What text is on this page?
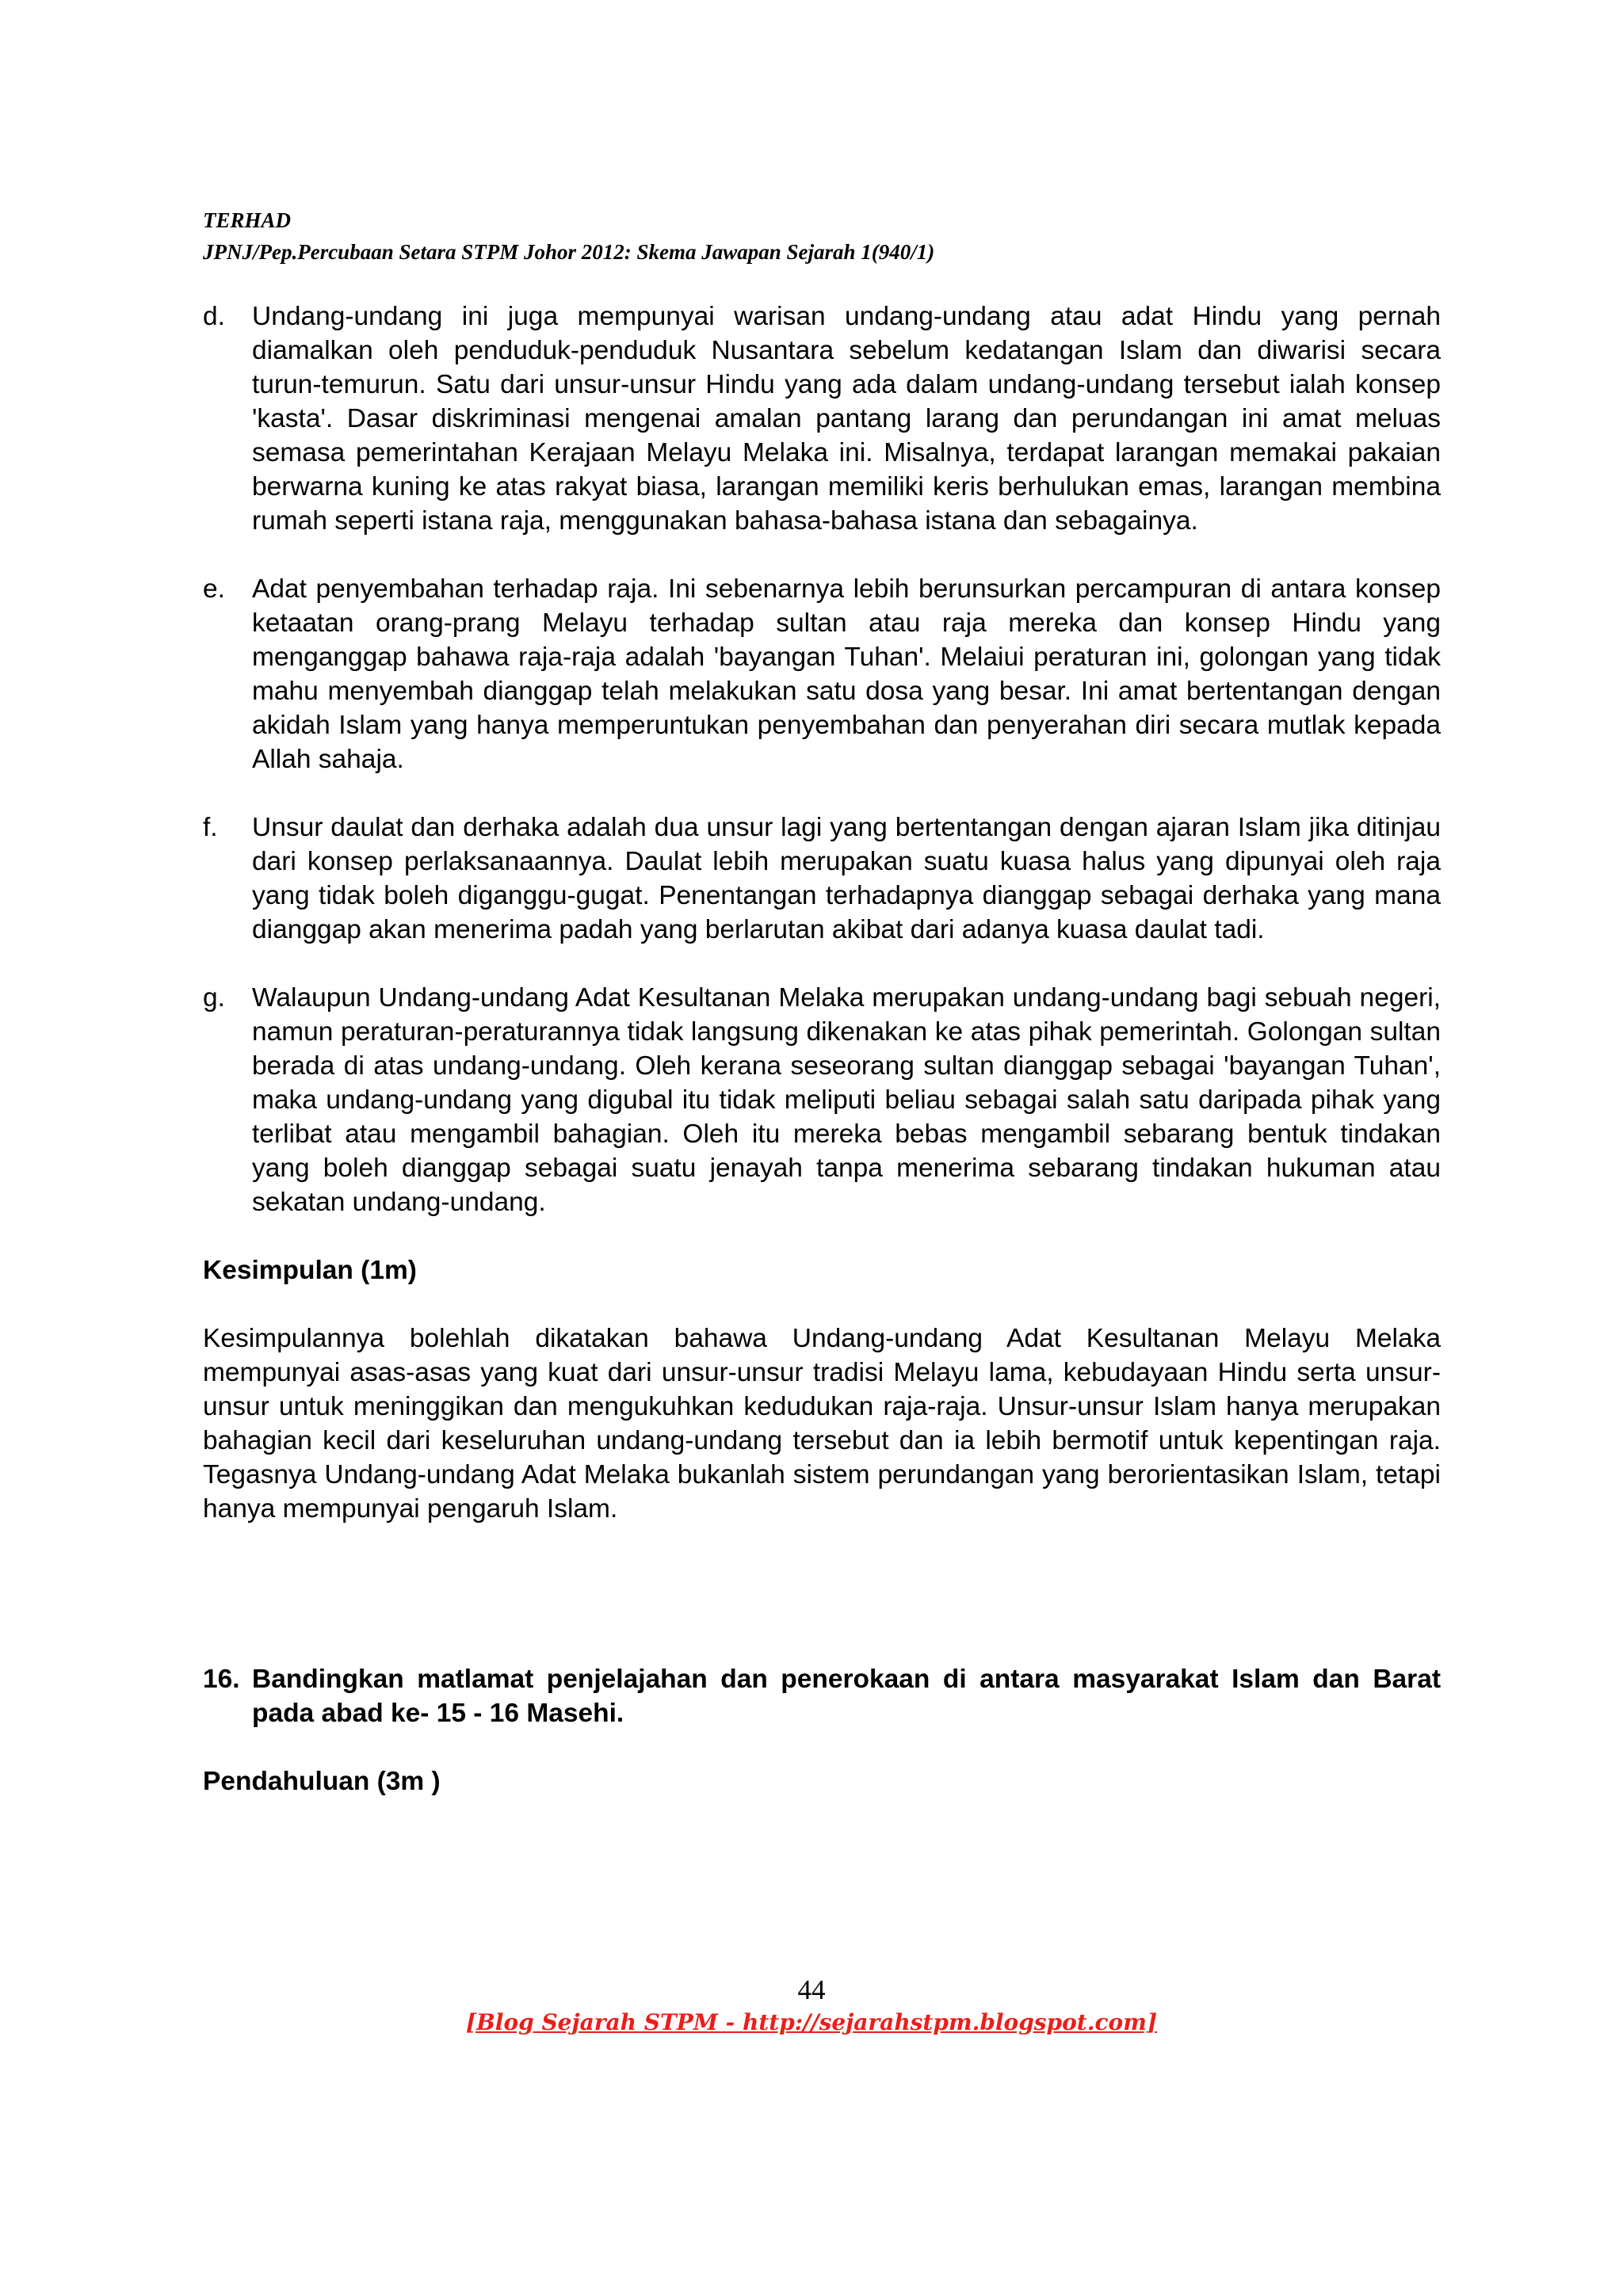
TERHAD
JPNJ/Pep.Percubaan Setara STPM Johor 2012: Skema Jawapan Sejarah 1(940/1)

d. Undang-undang ini juga mempunyai warisan undang-undang atau adat Hindu yang pernah diamalkan oleh penduduk-penduduk Nusantara sebelum kedatangan Islam dan diwarisi secara turun-temurun. Satu dari unsur-unsur Hindu yang ada dalam undang-undang tersebut ialah konsep 'kasta'. Dasar diskriminasi mengenai amalan pantang larang dan perundangan ini amat meluas semasa pemerintahan Kerajaan Melayu Melaka ini. Misalnya, terdapat larangan memakai pakaian berwarna kuning ke atas rakyat biasa, larangan memiliki keris berhulukan emas, larangan membina rumah seperti istana raja, menggunakan bahasa-bahasa istana dan sebagainya.

e. Adat penyembahan terhadap raja. Ini sebenarnya lebih berunsurkan percampuran di antara konsep ketaatan orang-prang Melayu terhadap sultan atau raja mereka dan konsep Hindu yang menganggap bahawa raja-raja adalah 'bayangan Tuhan'. Melaiui peraturan ini, golongan yang tidak mahu menyembah dianggap telah melakukan satu dosa yang besar. Ini amat bertentangan dengan akidah Islam yang hanya memperuntukan penyembahan dan penyerahan diri secara mutlak kepada Allah sahaja.

f. Unsur daulat dan derhaka adalah dua unsur lagi yang bertentangan dengan ajaran Islam jika ditinjau dari konsep perlaksanaannya. Daulat lebih merupakan suatu kuasa halus yang dipunyai oleh raja yang tidak boleh diganggu-gugat. Penentangan terhadapnya dianggap sebagai derhaka yang mana dianggap akan menerima padah yang berlarutan akibat dari adanya kuasa daulat tadi.

g. Walaupun Undang-undang Adat Kesultanan Melaka merupakan undang-undang bagi sebuah negeri, namun peraturan-peraturannya tidak langsung dikenakan ke atas pihak pemerintah. Golongan sultan berada di atas undang-undang. Oleh kerana seseorang sultan dianggap sebagai 'bayangan Tuhan', maka undang-undang yang digubal itu tidak meliputi beliau sebagai salah satu daripada pihak yang terlibat atau mengambil bahagian. Oleh itu mereka bebas mengambil sebarang bentuk tindakan yang boleh dianggap sebagai suatu jenayah tanpa menerima sebarang tindakan hukuman atau sekatan undang-undang.

Kesimpulan (1m)

Kesimpulannya bolehlah dikatakan bahawa Undang-undang Adat Kesultanan Melayu Melaka mempunyai asas-asas yang kuat dari unsur-unsur tradisi Melayu lama, kebudayaan Hindu serta unsur-unsur untuk meninggikan dan mengukuhkan kedudukan raja-raja. Unsur-unsur Islam hanya merupakan bahagian kecil dari keseluruhan undang-undang tersebut dan ia lebih bermotif untuk kepentingan raja. Tegasnya Undang-undang Adat Melaka bukanlah sistem perundangan yang berorientasikan Islam, tetapi hanya mempunyai pengaruh Islam.

16. Bandingkan matlamat penjelajahan dan penerokaan di antara masyarakat Islam dan Barat pada abad ke- 15 - 16 Masehi.

Pendahuluan (3m )

44
[Blog Sejarah STPM - http://sejarahstpm.blogspot.com]
